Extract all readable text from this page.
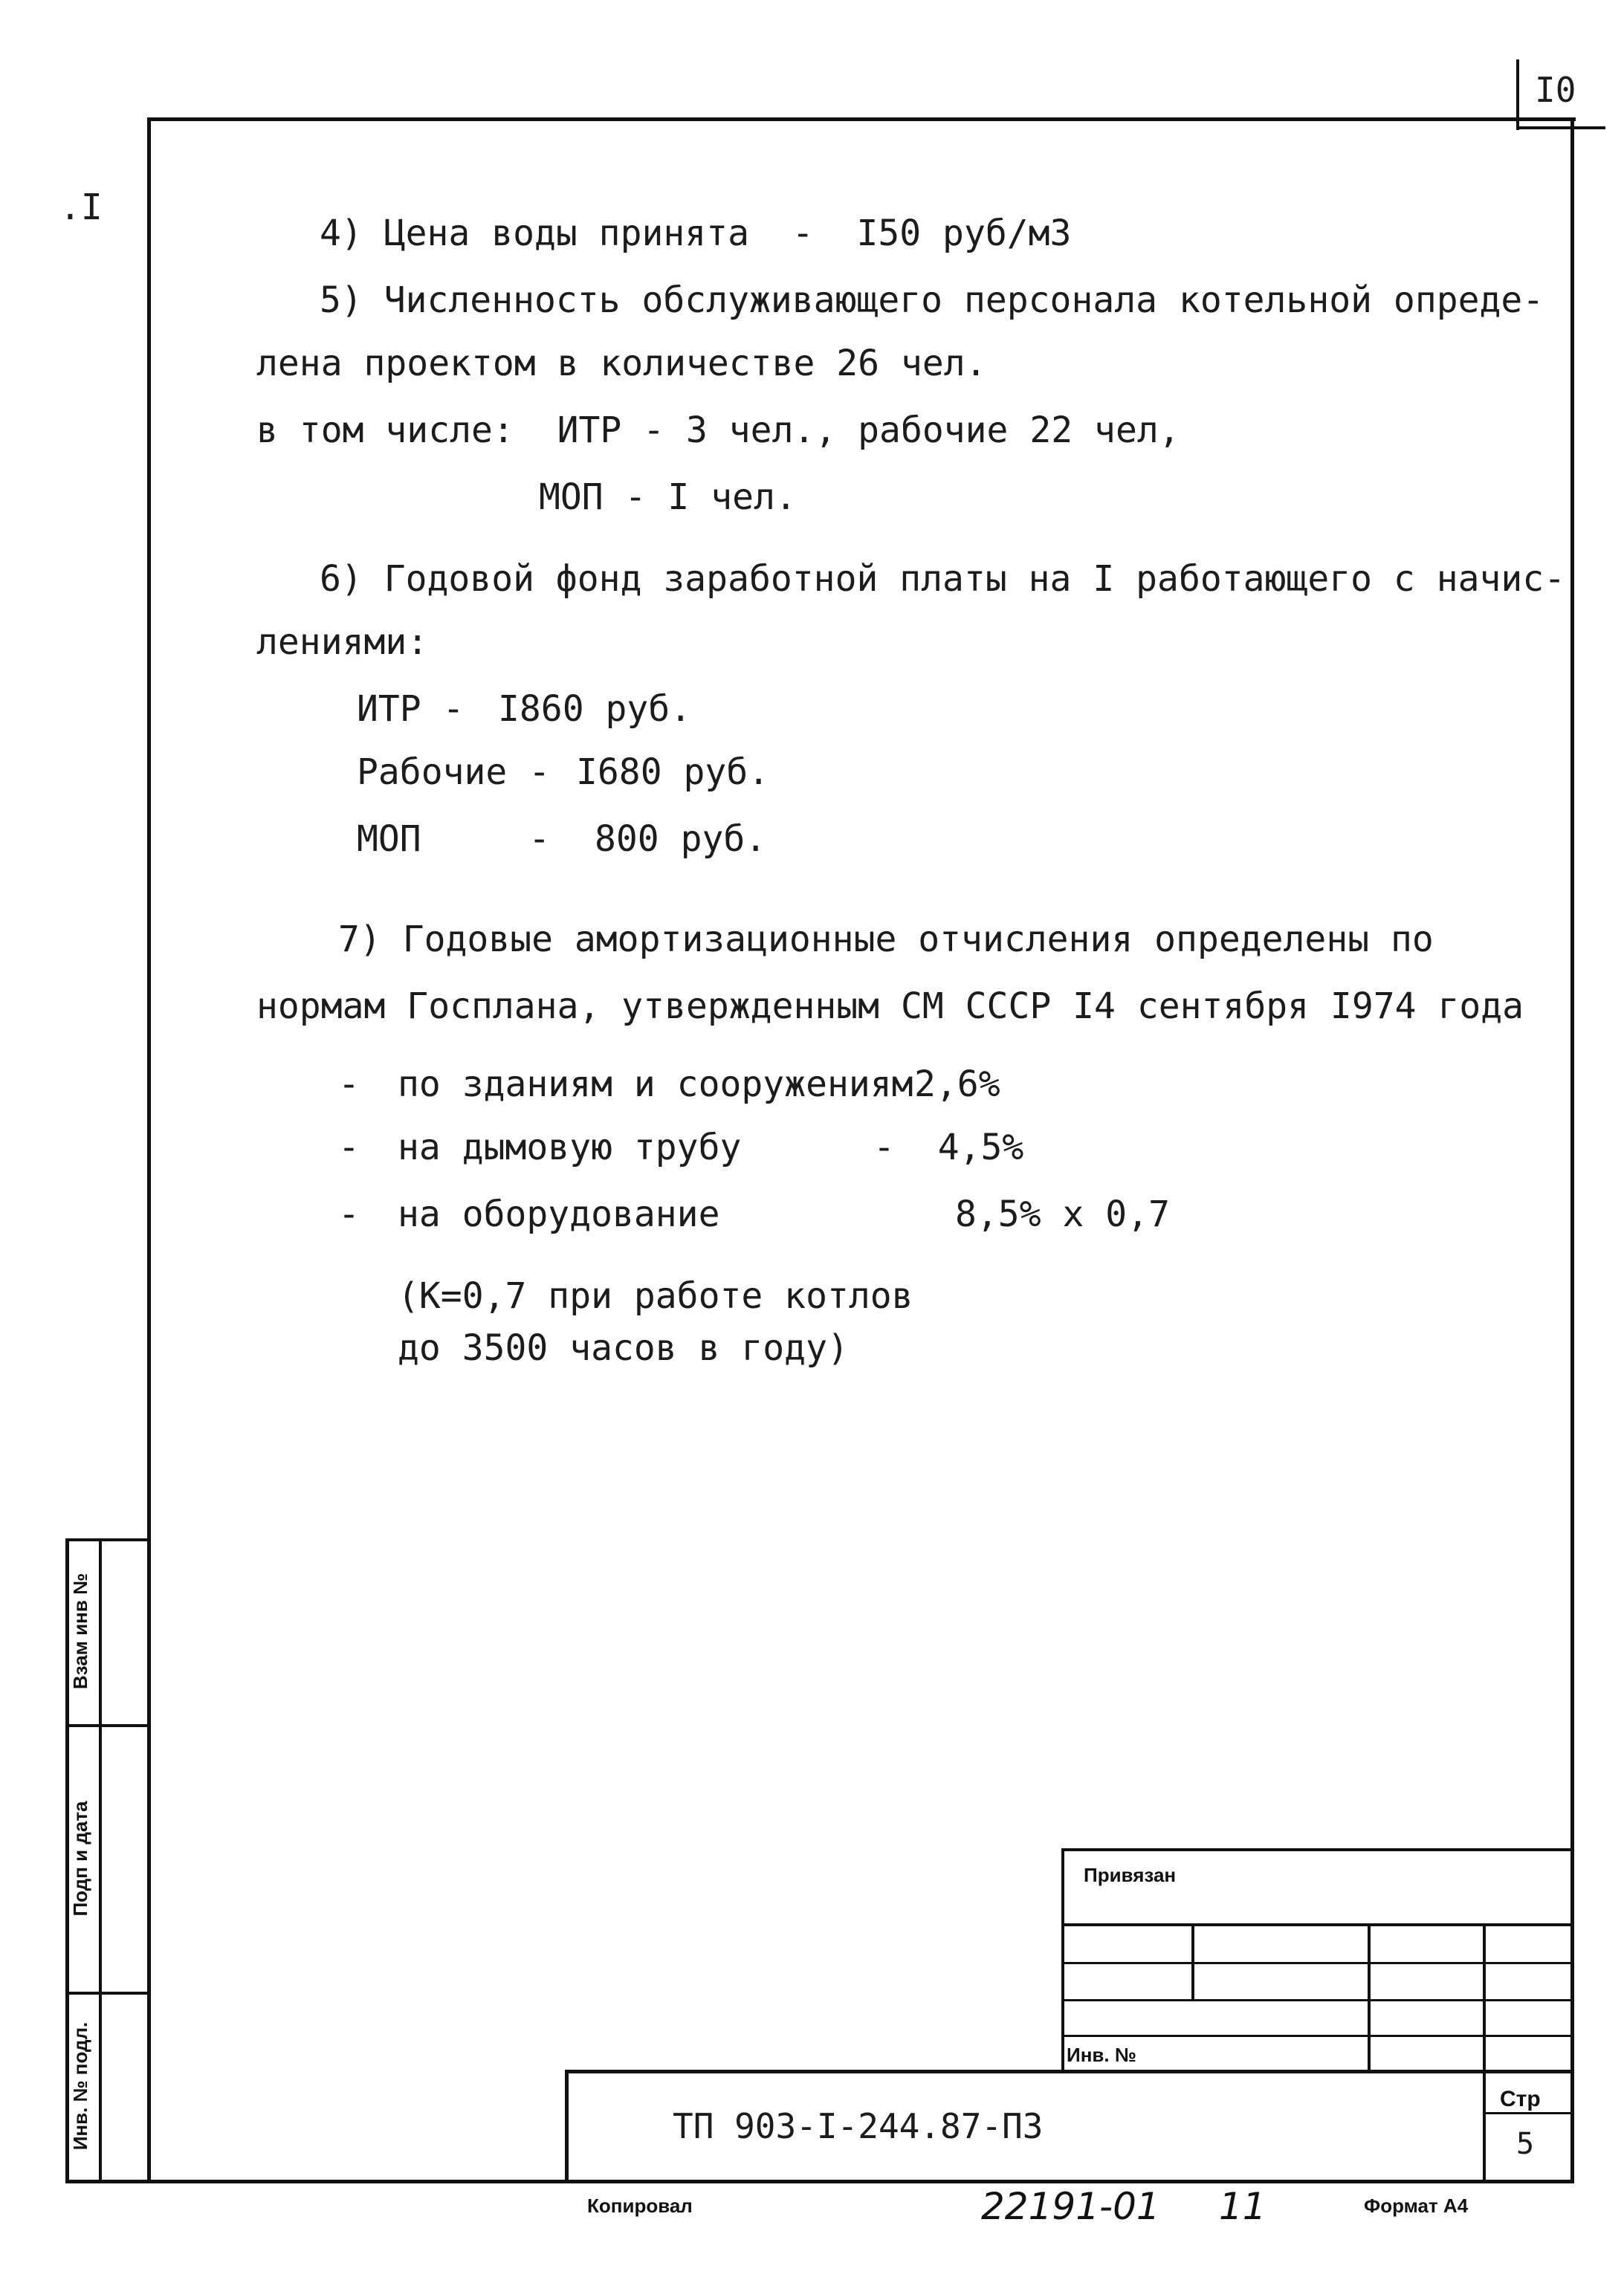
I0
.I
4) Цена воды принята  -  I50 руб/м3
5) Численность обслуживающего персонала котельной опреде-
лена проектом в количестве 26 чел.
в том числе:  ИТР - 3 чел., рабочие 22 чел,
МОП - I чел.
6) Годовой фонд заработной платы на I работающего с начис-
лениями:
ИТР - I860 руб.
Рабочие - I680 руб.
МОП     - 800 руб.
7) Годовые амортизационные отчисления определены по
нормам Госплана, утвержденным СМ СССР I4 сентября I974 года
- по зданиям и сооружениям 2,6%
- на дымовую трубу	-  4,5%
- на оборудование	8,5% х 0,7
(К=0,7 при работе котлов
до 3500 часов в году)
Взам инв №
Подп и дата
Инв. № подл.
Привязан
Инв. №
ТП 903-I-244.87-ПЗ
Стр
5
Копировал	22191-01 11	Формат А4
